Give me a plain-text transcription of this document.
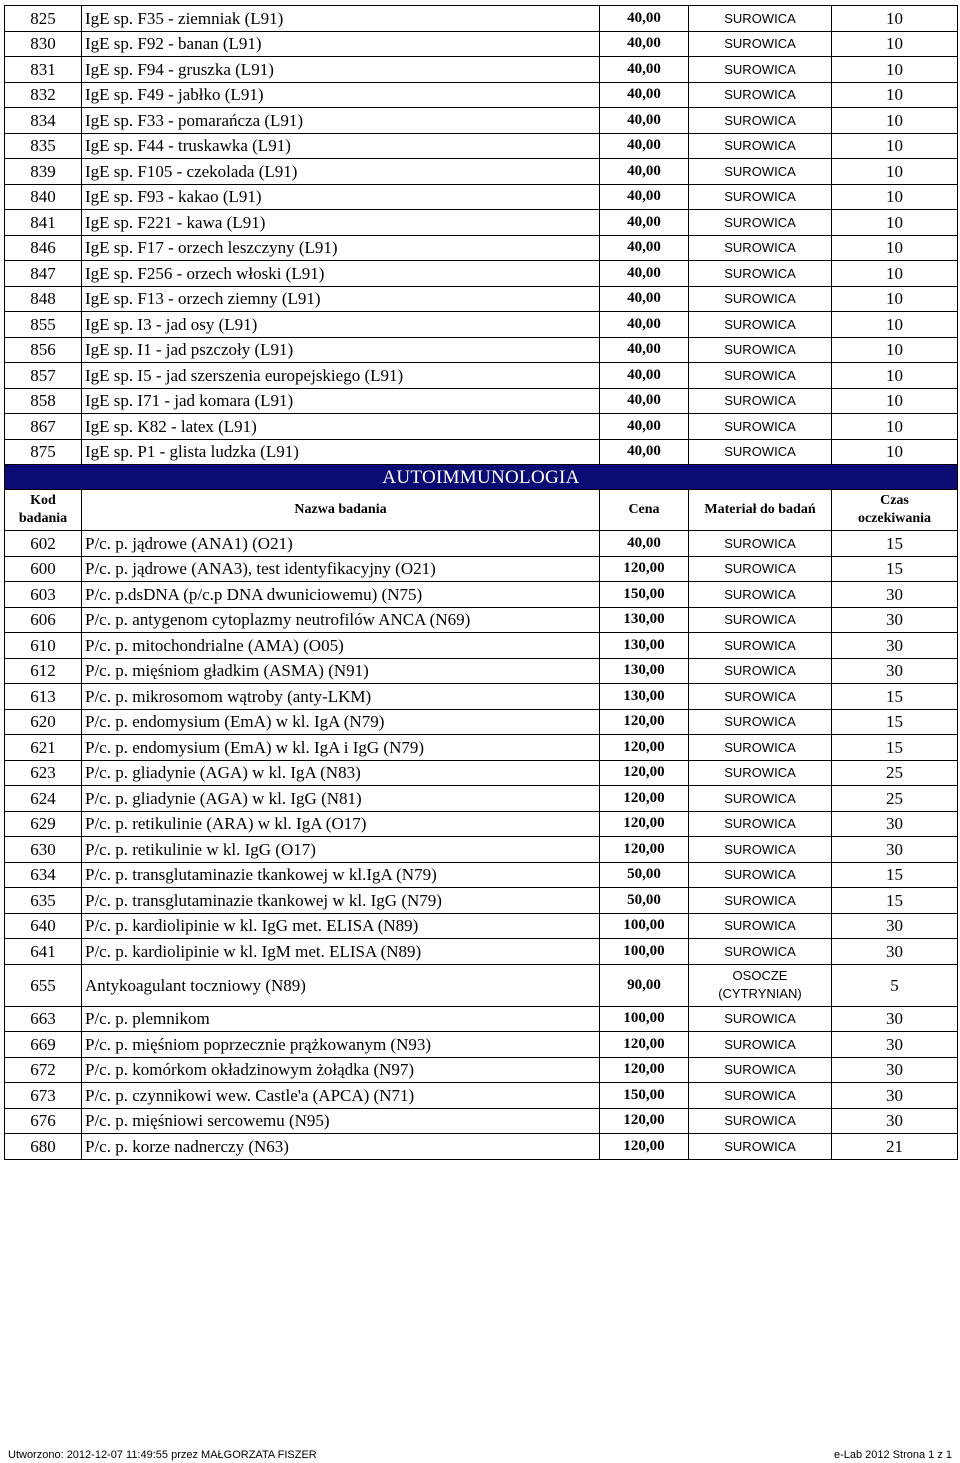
825	IgE sp. F35 - ziemniak (L91)	40,00	SUROWICA	10
830	IgE sp. F92 - banan (L91)	40,00	SUROWICA	10
831	IgE sp. F94 - gruszka (L91)	40,00	SUROWICA	10
832	IgE sp. F49 - jabłko (L91)	40,00	SUROWICA	10
834	IgE sp. F33 - pomarańcza (L91)	40,00	SUROWICA	10
835	IgE sp. F44 - truskawka (L91)	40,00	SUROWICA	10
839	IgE sp. F105 - czekolada (L91)	40,00	SUROWICA	10
840	IgE sp. F93 - kakao (L91)	40,00	SUROWICA	10
841	IgE sp. F221 - kawa (L91)	40,00	SUROWICA	10
846	IgE sp. F17 - orzech leszczyny (L91)	40,00	SUROWICA	10
847	IgE sp. F256 - orzech włoski (L91)	40,00	SUROWICA	10
848	IgE sp. F13 - orzech ziemny (L91)	40,00	SUROWICA	10
855	IgE sp. I3 - jad osy (L91)	40,00	SUROWICA	10
856	IgE sp. I1 - jad pszczoły (L91)	40,00	SUROWICA	10
857	IgE sp. I5 - jad szerszenia europejskiego (L91)	40,00	SUROWICA	10
858	IgE sp. I71 - jad komara (L91)	40,00	SUROWICA	10
867	IgE sp. K82 - latex (L91)	40,00	SUROWICA	10
875	IgE sp. P1 - glista ludzka (L91)	40,00	SUROWICA	10
AUTOIMMUNOLOGIA				
Kod badania	Nazwa badania	Cena	Materiał do badań	Czas oczekiwania
602	P/c. p. jądrowe (ANA1) (O21)	40,00	SUROWICA	15
600	P/c. p. jądrowe (ANA3), test identyfikacyjny (O21)	120,00	SUROWICA	15
603	P/c. p.dsDNA (p/c.p DNA dwuniciowemu) (N75)	150,00	SUROWICA	30
606	P/c. p. antygenom cytoplazmy neutrofilów ANCA (N69)	130,00	SUROWICA	30
610	P/c. p. mitochondrialne (AMA) (O05)	130,00	SUROWICA	30
612	P/c. p. mięśniom gładkim (ASMA) (N91)	130,00	SUROWICA	30
613	P/c. p. mikrosomom wątroby (anty-LKM)	130,00	SUROWICA	15
620	P/c. p. endomysium (EmA) w kl. IgA (N79)	120,00	SUROWICA	15
621	P/c. p. endomysium (EmA) w kl. IgA i IgG (N79)	120,00	SUROWICA	15
623	P/c. p. gliadynie (AGA) w kl. IgA (N83)	120,00	SUROWICA	25
624	P/c. p. gliadynie (AGA) w kl. IgG (N81)	120,00	SUROWICA	25
629	P/c. p. retikulinie (ARA) w kl. IgA (O17)	120,00	SUROWICA	30
630	P/c. p. retikulinie w kl. IgG (O17)	120,00	SUROWICA	30
634	P/c. p. transglutaminazie tkankowej w kl.IgA (N79)	50,00	SUROWICA	15
635	P/c. p. transglutaminazie tkankowej w kl. IgG (N79)	50,00	SUROWICA	15
640	P/c. p. kardiolipinie w kl. IgG met. ELISA (N89)	100,00	SUROWICA	30
641	P/c. p. kardiolipinie w kl. IgM met. ELISA (N89)	100,00	SUROWICA	30
655	Antykoagulant toczniowy (N89)	90,00	OSOCZE (CYTRYNIAN)	5
663	P/c. p. plemnikom	100,00	SUROWICA	30
669	P/c. p. mięśniom poprzecznie prążkowanym (N93)	120,00	SUROWICA	30
672	P/c. p. komórkom okładzinowym żołądka (N97)	120,00	SUROWICA	30
673	P/c. p. czynnikowi wew. Castle'a (APCA) (N71)	150,00	SUROWICA	30
676	P/c. p. mięśniowi sercowemu (N95)	120,00	SUROWICA	30
680	P/c. p. korze nadnerczy (N63)	120,00	SUROWICA	21
Utworzono: 2012-12-07 11:49:55 przez MAŁGORZATA FISZER	e-Lab 2012 Strona 1 z 1
